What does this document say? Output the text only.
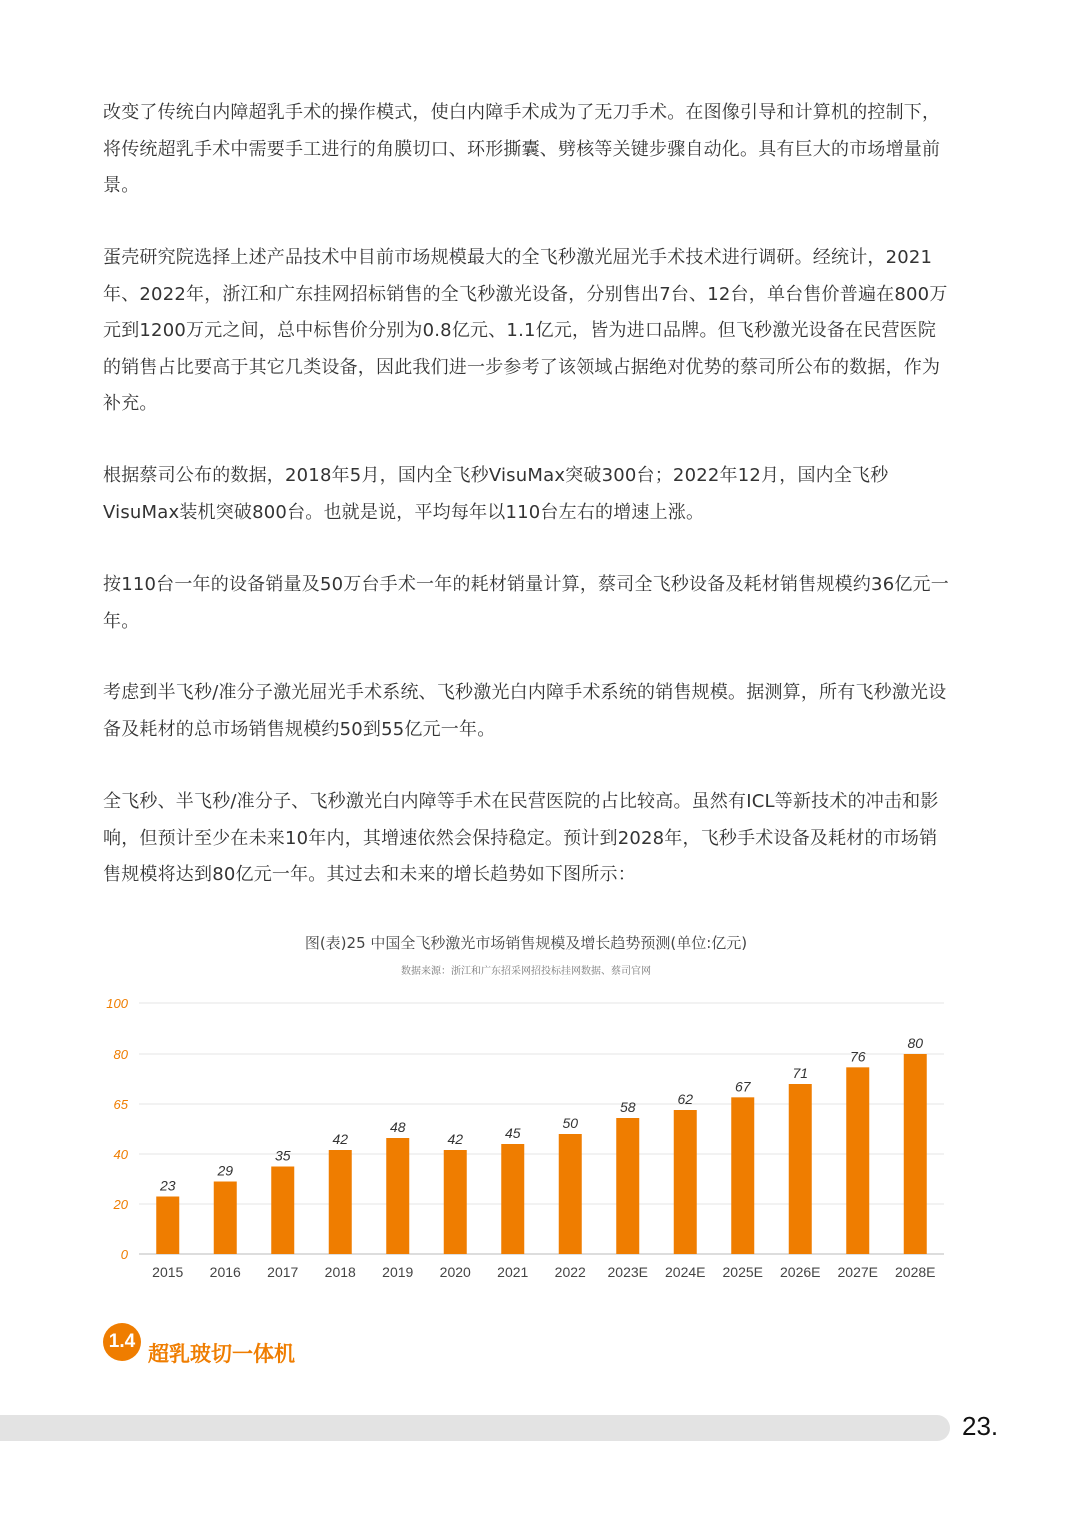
改变了传统白内障超乳手术的操作模式，使白内障手术成为了无刀手术。在图像引导和计算机的控制下，将传统超乳手术中需要手工进行的角膜切口、环形撕囊、劈核等关键步骤自动化。具有巨大的市场增量前景。

蛋壳研究院选择上述产品技术中目前市场规模最大的全飞秒激光屈光手术技术进行调研。经统计，2021年、2022年，浙江和广东挂网招标销售的全飞秒激光设备，分别售出7台、12台，单台售价普遍在800万元到1200万元之间，总中标售价分别为0.8亿元、1.1亿元，皆为进口品牌。但飞秒激光设备在民营医院的销售占比要高于其它几类设备，因此我们进一步参考了该领域占据绝对优势的蔡司所公布的数据，作为补充。

根据蔡司公布的数据，2018年5月，国内全飞秒VisuMax突破300台；2022年12月，国内全飞秒VisuMax装机突破800台。也就是说，平均每年以110台左右的增速上涨。

按110台一年的设备销量及50万台手术一年的耗材销量计算，蔡司全飞秒设备及耗材销售规模约36亿元一年。

考虑到半飞秒/准分子激光屈光手术系统、飞秒激光白内障手术系统的销售规模。据测算，所有飞秒激光设备及耗材的总市场销售规模约50到55亿元一年。

全飞秒、半飞秒/准分子、飞秒激光白内障等手术在民营医院的占比较高。虽然有ICL等新技术的冲击和影响，但预计至少在未来10年内，其增速依然会保持稳定。预计到2028年，飞秒手术设备及耗材的市场销售规模将达到80亿元一年。其过去和未来的增长趋势如下图所示：

图(表)25 中国全飞秒激光市场销售规模及增长趋势预测(单位:亿元)
数据来源：浙江和广东招采网招投标挂网数据、蔡司官网
0
20
40
65
80
100
23
2015
29
2016
35
2017
42
2018
48
2019
42
2020
45
2021
50
2022
58
2023E
62
2024E
67
2025E
71
2026E
76
2027E
80
2028E
1.4
超乳玻切一体机
23.
